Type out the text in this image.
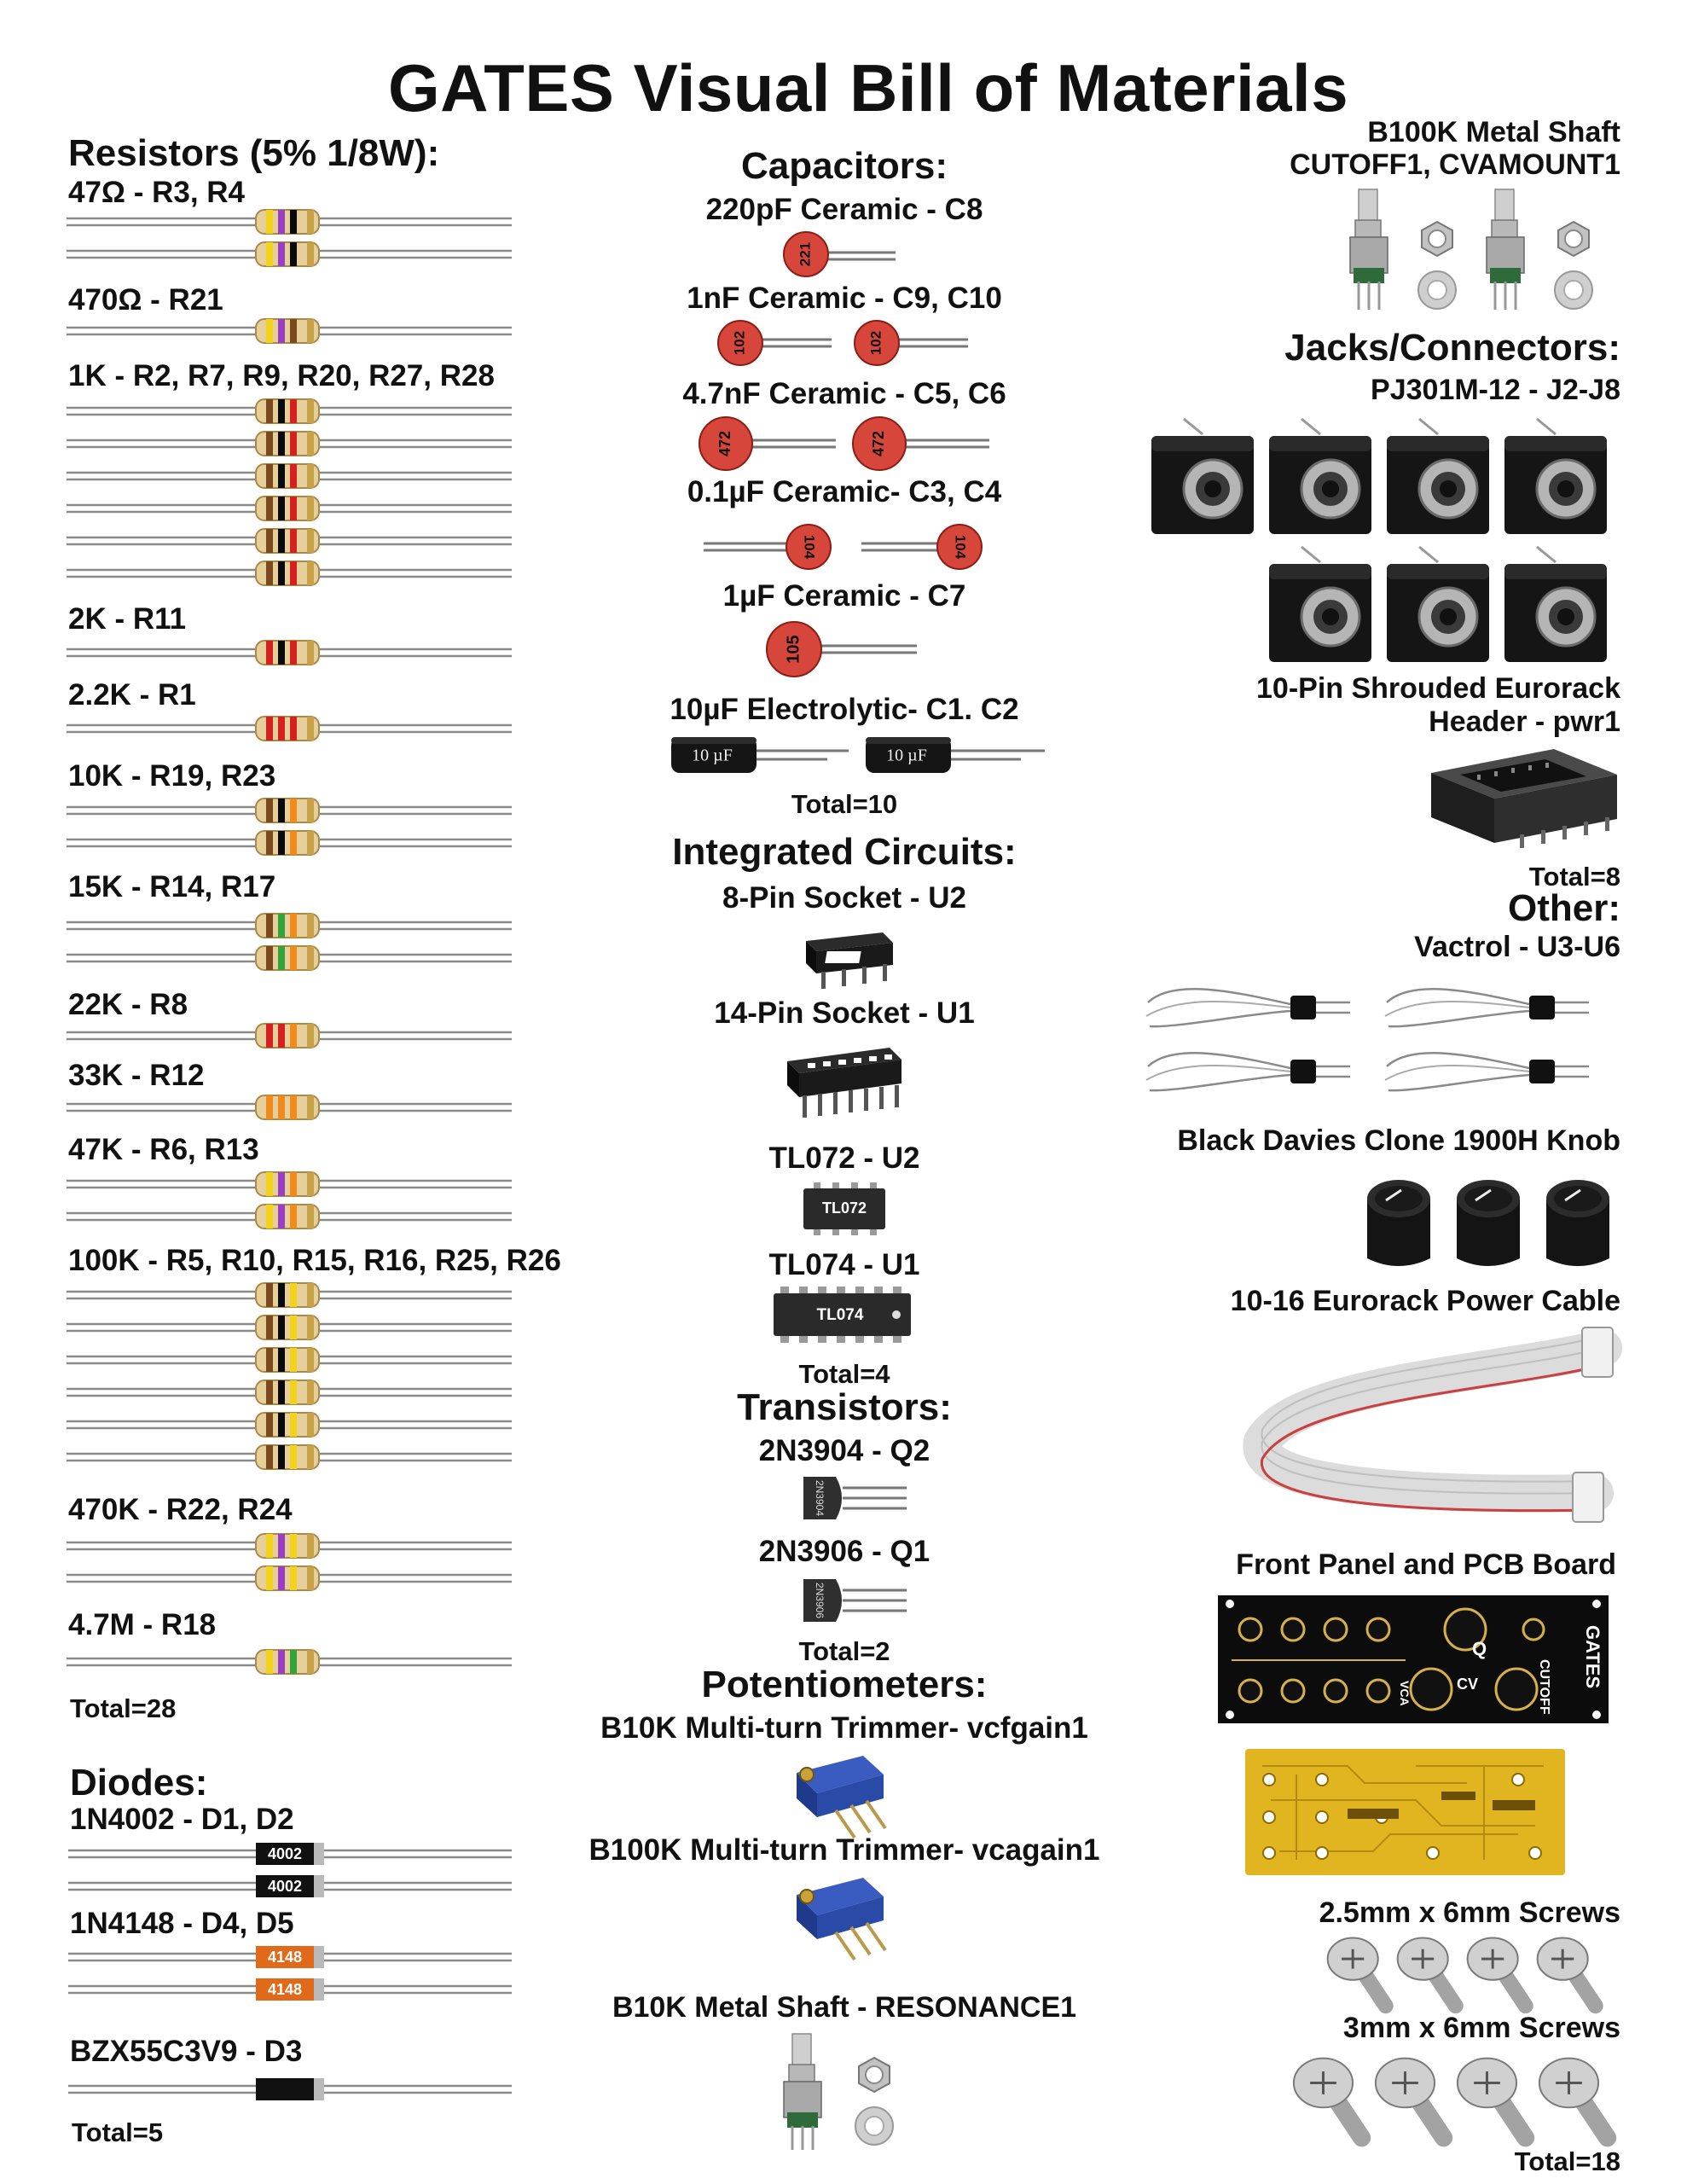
GATES Visual Bill of Materials
Resistors (5% 1/8W):
47Ω - R3, R4
470Ω - R21
1K - R2, R7, R9, R20, R27, R28
2K - R11
2.2K - R1
10K - R19, R23
15K - R14, R17
22K - R8
33K - R12
47K - R6, R13
100K - R5, R10, R15, R16, R25, R26
470K - R22, R24
4.7M - R18
Total=28
Diodes:
1N4002 - D1, D2
4002
4002
1N4148 - D4, D5
4148
4148
BZX55C3V9 - D3
Total=5
Capacitors:
220pF Ceramic - C8
221
1nF Ceramic - C9, C10
102	102
4.7nF Ceramic - C5, C6
472	472
0.1µF Ceramic- C3, C4
104	104
1µF Ceramic - C7
105
10µF Electrolytic- C1. C2
10 µF	10 µF
Total=10
Integrated Circuits:
8-Pin Socket - U2
14-Pin Socket - U1
TL072 - U2
TL072
TL074 - U1
TL074
Total=4
Transistors:
2N3904 - Q2
2N3904
2N3906 - Q1
2N3906
Total=2
Potentiometers:
B10K Multi-turn Trimmer- vcfgain1
B100K Multi-turn Trimmer- vcagain1
B10K Metal Shaft - RESONANCE1
B100K Metal Shaft
CUTOFF1, CVAMOUNT1
Jacks/Connectors:
PJ301M-12 - J2-J8
10-Pin Shrouded Eurorack
Header - pwr1
Total=8
Other:
Vactrol - U3-U6
Black Davies Clone 1900H Knob
10-16 Eurorack Power Cable
Front Panel and PCB Board
Q
CV	CUTOFF
VCA
GATES
2.5mm x 6mm Screws
3mm x 6mm Screws
Total=18
